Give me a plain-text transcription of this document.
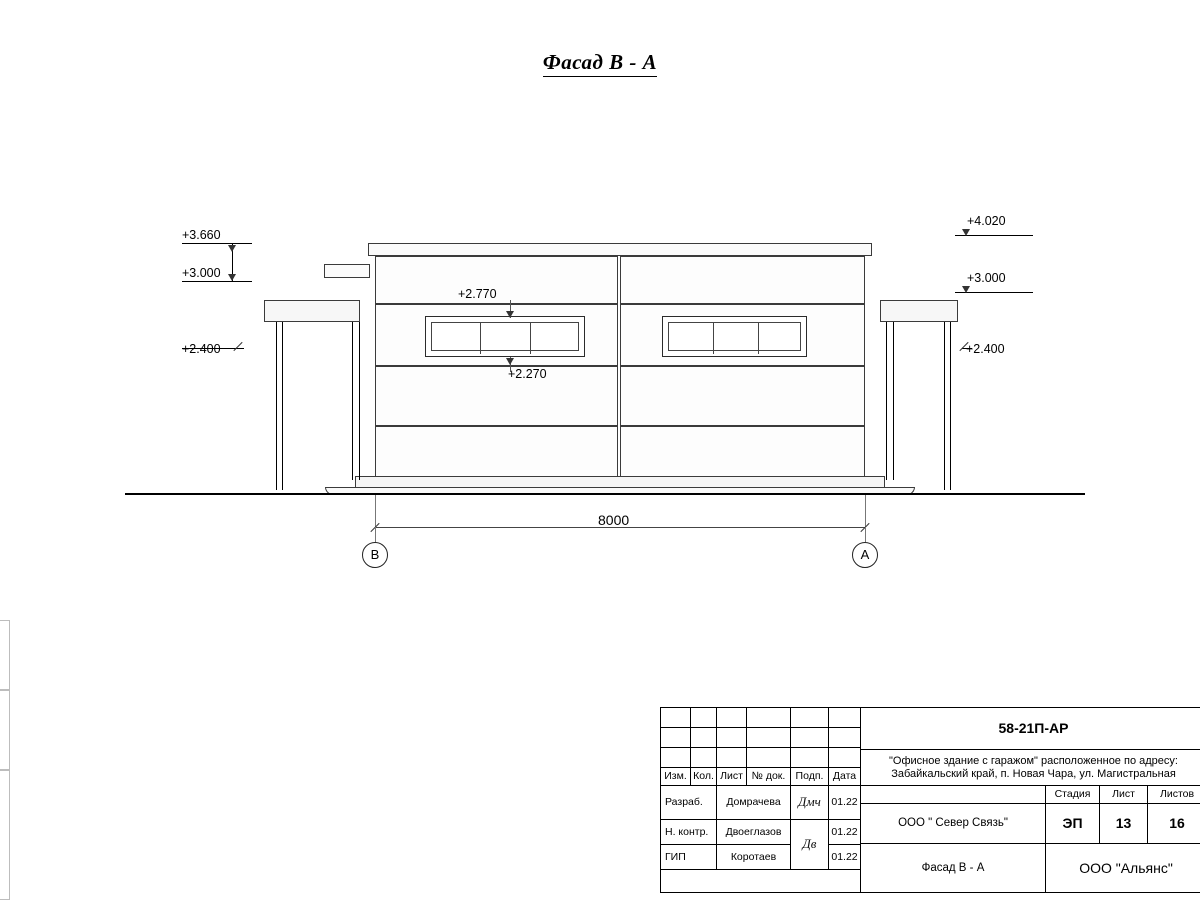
Фасад В - А
+2.770
+2.270
+3.660
+3.000
+2.400
+4.020
+3.000
+2.400
8000
В	А
Изм. Кол. Лист № док. Подп. Дата
Разраб.	Домрачева	Дмч 01.22
Н. контр.	Двоеглазов	01.22
ГИП	Коротаев	01.22
Дв
58-21П-АР
"Офисное здание с гаражом" расположенное по адресу:
Забайкальский край, п. Новая Чара, ул. Магистральная
Стадия	Лист	Листов
ООО " Север Связь"	ЭП	13	16
Фасад В - А	ООО "Альянс"
